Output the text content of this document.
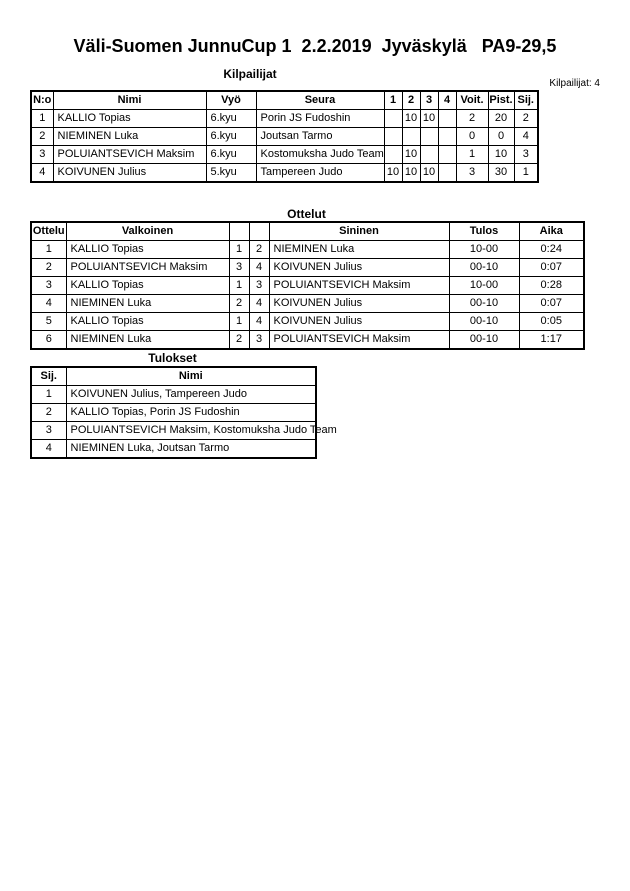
Väli-Suomen JunnuCup 1  2.2.2019  Jyväskylä   PA9-29,5
Kilpailijat
Kilpailijat: 4
N:o	Nimi	Vyö	Seura	1	2	3	4	Voit.	Pist.	Sij.
1	KALLIO Topias	6.kyu	Porin JS Fudoshin		10	10		2	20	2
2	NIEMINEN Luka	6.kyu	Joutsan Tarmo					0	0	4
3	POLUIANTSEVICH Maksim	6.kyu	Kostomuksha Judo Team		10			1	10	3
4	KOIVUNEN Julius	5.kyu	Tampereen Judo	10	10	10		3	30	1
Ottelut
Ottelu	Valkoinen			Sininen	Tulos	Aika
1	KALLIO Topias	1	2	NIEMINEN Luka	10-00	0:24
2	POLUIANTSEVICH Maksim	3	4	KOIVUNEN Julius	00-10	0:07
3	KALLIO Topias	1	3	POLUIANTSEVICH Maksim	10-00	0:28
4	NIEMINEN Luka	2	4	KOIVUNEN Julius	00-10	0:07
5	KALLIO Topias	1	4	KOIVUNEN Julius	00-10	0:05
6	NIEMINEN Luka	2	3	POLUIANTSEVICH Maksim	00-10	1:17
Tulokset
Sij.	Nimi
1	KOIVUNEN Julius, Tampereen Judo
2	KALLIO Topias, Porin JS Fudoshin
3	POLUIANTSEVICH Maksim, Kostomuksha Judo Team
4	NIEMINEN Luka, Joutsan Tarmo
